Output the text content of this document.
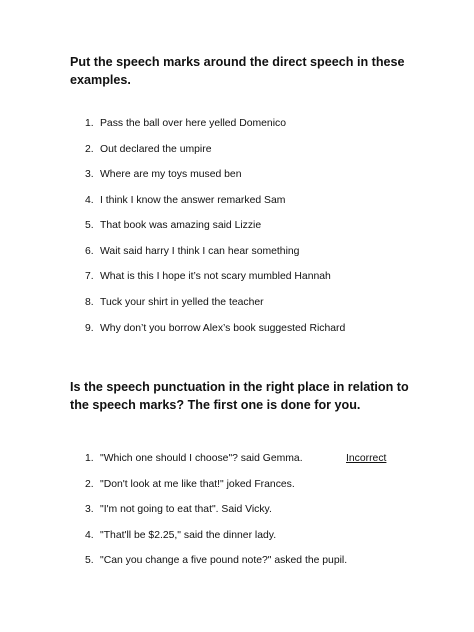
Put the speech marks around the direct speech in these examples.

1. Pass the ball over here yelled Domenico
2. Out declared the umpire
3. Where are my toys mused ben
4. I think I know the answer remarked Sam
5. That book was amazing said Lizzie
6. Wait said harry I think I can hear something
7. What is this I hope it’s not scary mumbled Hannah
8. Tuck your shirt in yelled the teacher
9. Why don’t you borrow Alex’s book suggested Richard

Is the speech punctuation in the right place in relation to the speech marks? The first one is done for you.

1. "Which one should I choose"? said Gemma.	Incorrect
2. "Don't look at me like that!" joked Frances.
3. "I'm not going to eat that". Said Vicky.
4. "That'll be $2.25," said the dinner lady.
5. "Can you change a five pound note?" asked the pupil.
